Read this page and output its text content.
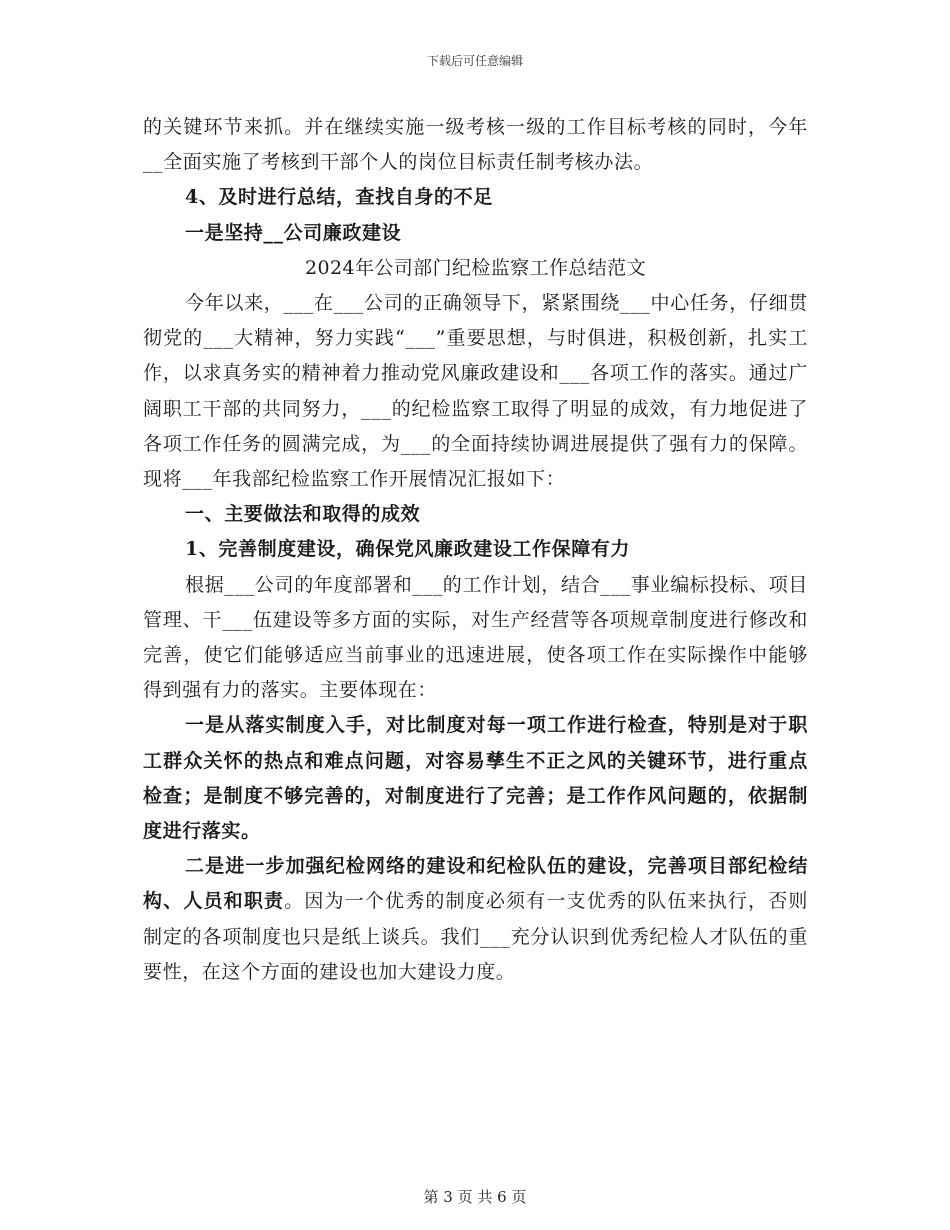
下载后可任意编辑

的关键环节来抓。并在继续实施一级考核一级的工作目标考核的同时，今年__全面实施了考核到干部个人的岗位目标责任制考核办法。

4、及时进行总结，查找自身的不足

一是坚持__公司廉政建设

2024年公司部门纪检监察工作总结范文

今年以来，___在___公司的正确领导下，紧紧围绕___中心任务，仔细贯彻党的___大精神，努力实践“___”重要思想，与时俱进，积极创新，扎实工作，以求真务实的精神着力推动党风廉政建设和___各项工作的落实。通过广阔职工干部的共同努力，___的纪检监察工取得了明显的成效，有力地促进了各项工作任务的圆满完成，为___的全面持续协调进展提供了强有力的保障。现将___年我部纪检监察工作开展情况汇报如下：

一、主要做法和取得的成效

1、完善制度建设，确保党风廉政建设工作保障有力

根据___公司的年度部署和___的工作计划，结合___事业编标投标、项目管理、干___伍建设等多方面的实际，对生产经营等各项规章制度进行修改和完善，使它们能够适应当前事业的迅速进展，使各项工作在实际操作中能够得到强有力的落实。主要体现在：

一是从落实制度入手，对比制度对每一项工作进行检查，特别是对于职工群众关怀的热点和难点问题，对容易孳生不正之风的关键环节，进行重点检查；是制度不够完善的，对制度进行了完善；是工作作风问题的，依据制度进行落实。

二是进一步加强纪检网络的建设和纪检队伍的建设，完善项目部纪检结构、人员和职责。因为一个优秀的制度必须有一支优秀的队伍来执行，否则制定的各项制度也只是纸上谈兵。我们___充分认识到优秀纪检人才队伍的重要性，在这个方面的建设也加大建设力度。

第 3 页 共 6 页
